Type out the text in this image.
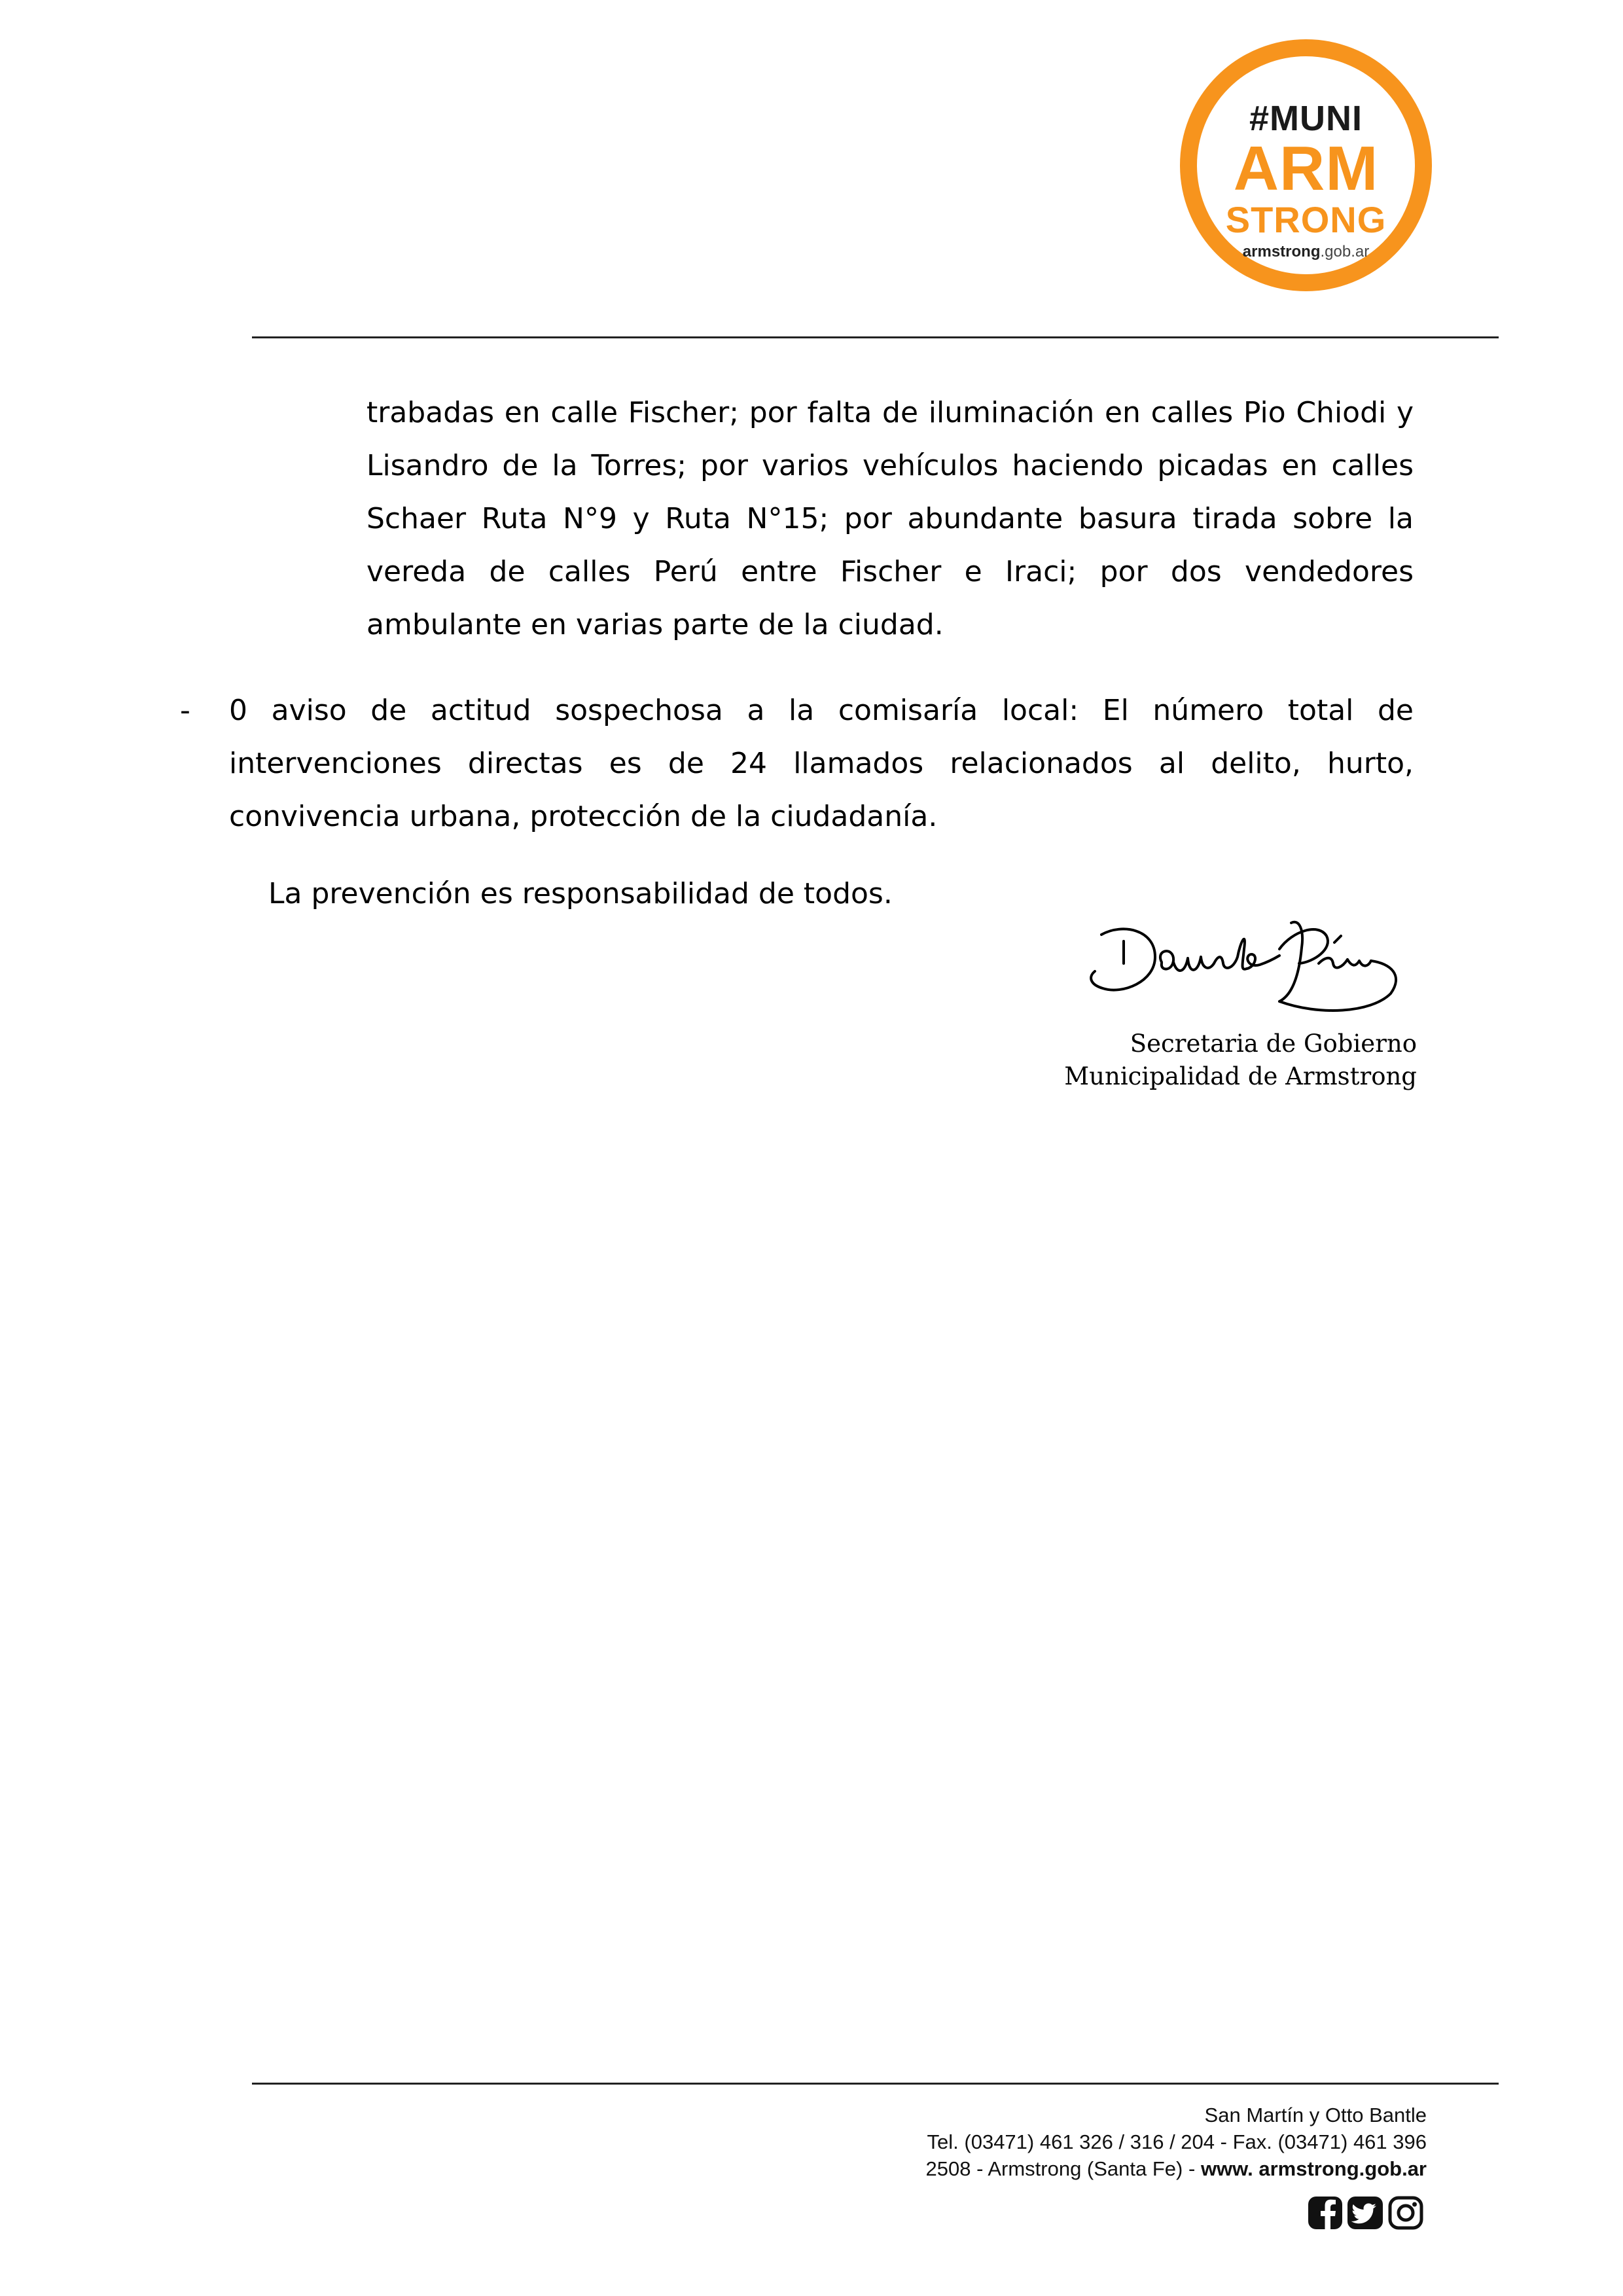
#MUNI
ARM
STRONG
armstrong.gob.ar
trabadas en calle Fischer; por falta de iluminación en calles Pio Chiodi y Lisandro de la Torres; por varios vehículos haciendo picadas en calles Schaer Ruta N°9 y Ruta N°15; por abundante basura tirada sobre la vereda de calles Perú entre Fischer e Iraci; por dos vendedores ambulante en varias parte de la ciudad.
- 0 aviso de actitud sospechosa a la comisaría local: El número total de intervenciones directas es de 24 llamados relacionados al delito, hurto, convivencia urbana, protección de la ciudadanía.
La prevención es responsabilidad de todos.
Secretaria de Gobierno
Municipalidad de Armstrong
San Martín y Otto Bantle
Tel. (03471) 461 326 / 316 / 204 - Fax. (03471) 461 396
2508 - Armstrong (Santa Fe) - www. armstrong.gob.ar
